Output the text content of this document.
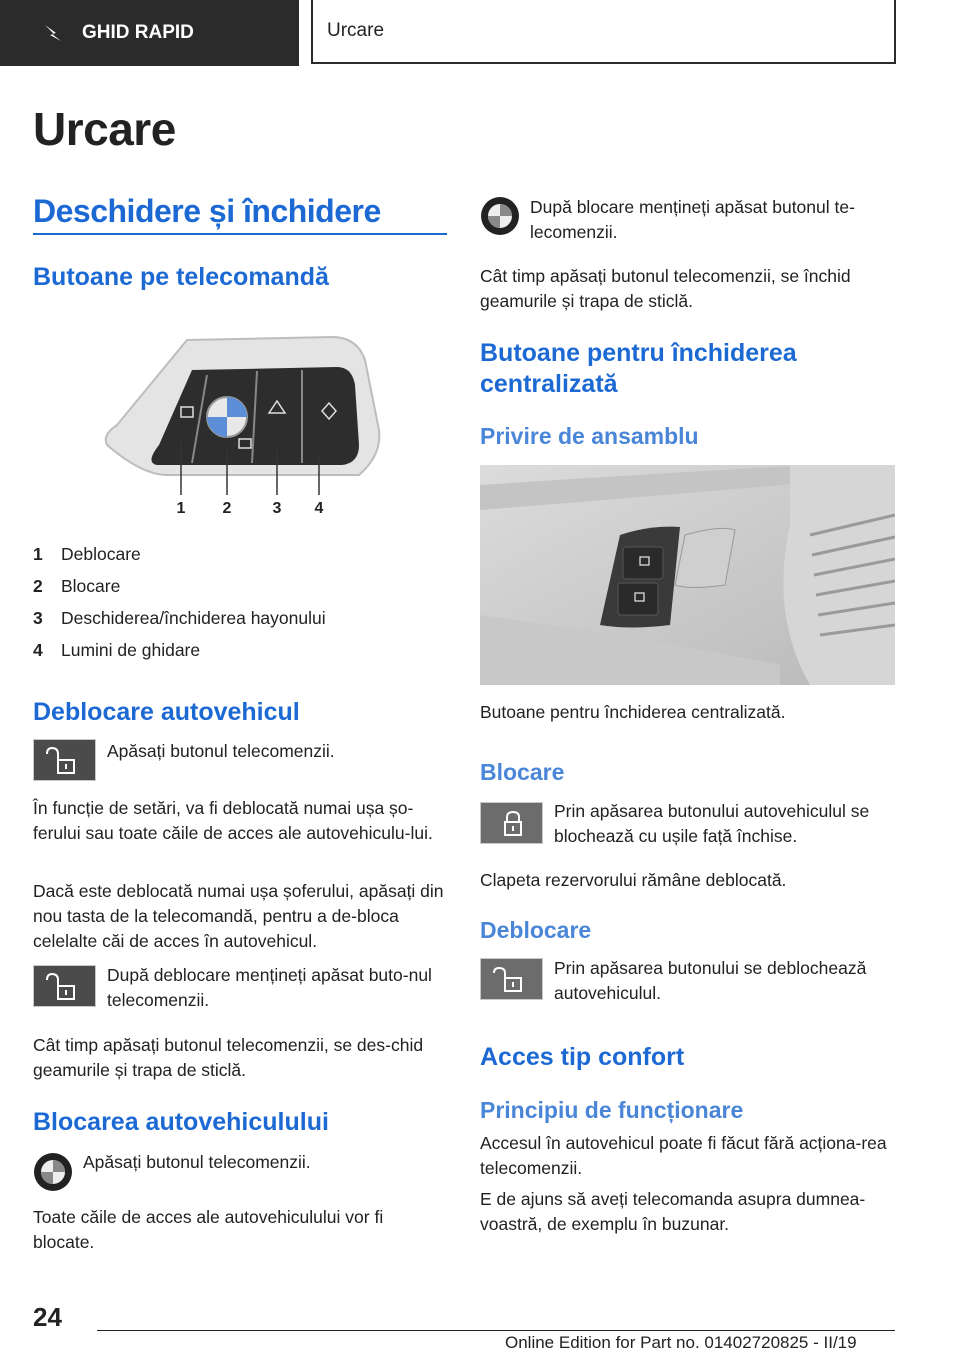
GHID RAPID	Urcare
Urcare
Deschidere și închidere
Butoane pe telecomandă
1 2	3 4
1	Deblocare
2	Blocare
3	Deschiderea/închiderea hayonului
4	Lumini de ghidare
Deblocare autovehicul
Apăsați butonul telecomenzii.
În funcție de setări, va fi deblocată numai ușa șo-ferului sau toate căile de acces ale autovehiculu-lui.
Dacă este deblocată numai ușa șoferului, apăsați din nou tasta de la telecomandă, pentru a de-bloca celelalte căi de acces în autovehicul.
După deblocare mențineți apăsat buto-nul telecomenzii.
Cât timp apăsați butonul telecomenzii, se des-chid geamurile și trapa de sticlă.
Blocarea autovehiculului
Apăsați butonul telecomenzii.
Toate căile de acces ale autovehiculului vor fi blocate.
După blocare mențineți apăsat butonul te-lecomenzii.
Cât timp apăsați butonul telecomenzii, se închid geamurile și trapa de sticlă.
Butoane pentru închiderea centralizată
Privire de ansamblu
Butoane pentru închiderea centralizată.
Blocare
Prin apăsarea butonului autovehiculul se blochează cu ușile față închise.
Clapeta rezervorului rămâne deblocată.
Deblocare
Prin apăsarea butonului se deblochează autovehiculul.
Acces tip confort
Principiu de funcționare
Accesul în autovehicul poate fi făcut fără acționa-rea telecomenzii.
E de ajuns să aveți telecomanda asupra dumnea-voastră, de exemplu în buzunar.
24
Online Edition for Part no. 01402720825 - II/19
